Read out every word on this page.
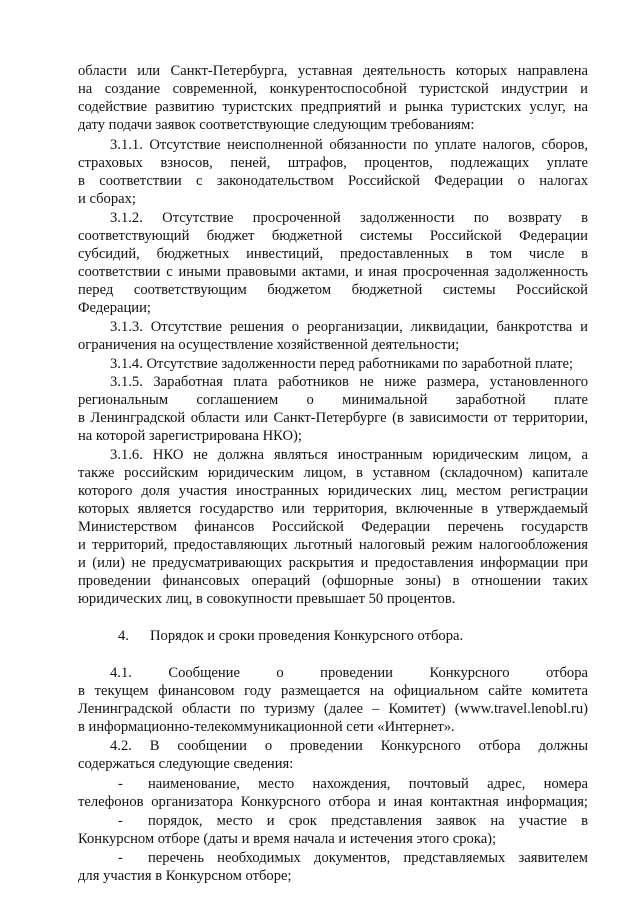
области или Санкт-Петербурга, уставная деятельность которых направлена
на создание современной, конкурентоспособной туристской индустрии и
содействие развитию туристских предприятий и рынка туристских услуг, на
дату подачи заявок соответствующие следующим требованиям:
3.1.1. Отсутствие неисполненной обязанности по уплате налогов, сборов,
страховых взносов, пеней, штрафов, процентов, подлежащих уплате
в соответствии с законодательством Российской Федерации о налогах
и сборах;
3.1.2. Отсутствие просроченной задолженности по возврату в
соответствующий бюджет бюджетной системы Российской Федерации
субсидий, бюджетных инвестиций, предоставленных в том числе в
соответствии с иными правовыми актами, и иная просроченная задолженность
перед соответствующим бюджетом бюджетной системы Российской
Федерации;
3.1.3. Отсутствие решения о реорганизации, ликвидации, банкротства и
ограничения на осуществление хозяйственной деятельности;
3.1.4. Отсутствие задолженности перед работниками по заработной плате;
3.1.5. Заработная плата работников не ниже размера, установленного
региональным соглашением о минимальной заработной плате
в Ленинградской области или Санкт-Петербурге (в зависимости от территории,
на которой зарегистрирована НКО);
3.1.6. НКО не должна являться иностранным юридическим лицом, а
также российским юридическим лицом, в уставном (складочном) капитале
которого доля участия иностранных юридических лиц, местом регистрации
которых является государство или территория, включенные в утверждаемый
Министерством финансов Российской Федерации перечень государств
и территорий, предоставляющих льготный налоговый режим налогообложения
и (или) не предусматривающих раскрытия и предоставления информации при
проведении финансовых операций (офшорные зоны) в отношении таких
юридических лиц, в совокупности превышает 50 процентов.
4. Порядок и сроки проведения Конкурсного отбора.
4.1. Сообщение о проведении Конкурсного отбора
в текущем финансовом году размещается на официальном сайте комитета
Ленинградской области по туризму (далее – Комитет) (www.travel.lenobl.ru)
в информационно-телекоммуникационной сети «Интернет».
4.2. В сообщении о проведении Конкурсного отбора должны
содержаться следующие сведения:
- наименование, место нахождения, почтовый адрес, номера
телефонов организатора Конкурсного отбора и иная контактная информация;
- порядок, место и срок представления заявок на участие в
Конкурсном отборе (даты и время начала и истечения этого срока);
- перечень необходимых документов, представляемых заявителем
для участия в Конкурсном отборе;
